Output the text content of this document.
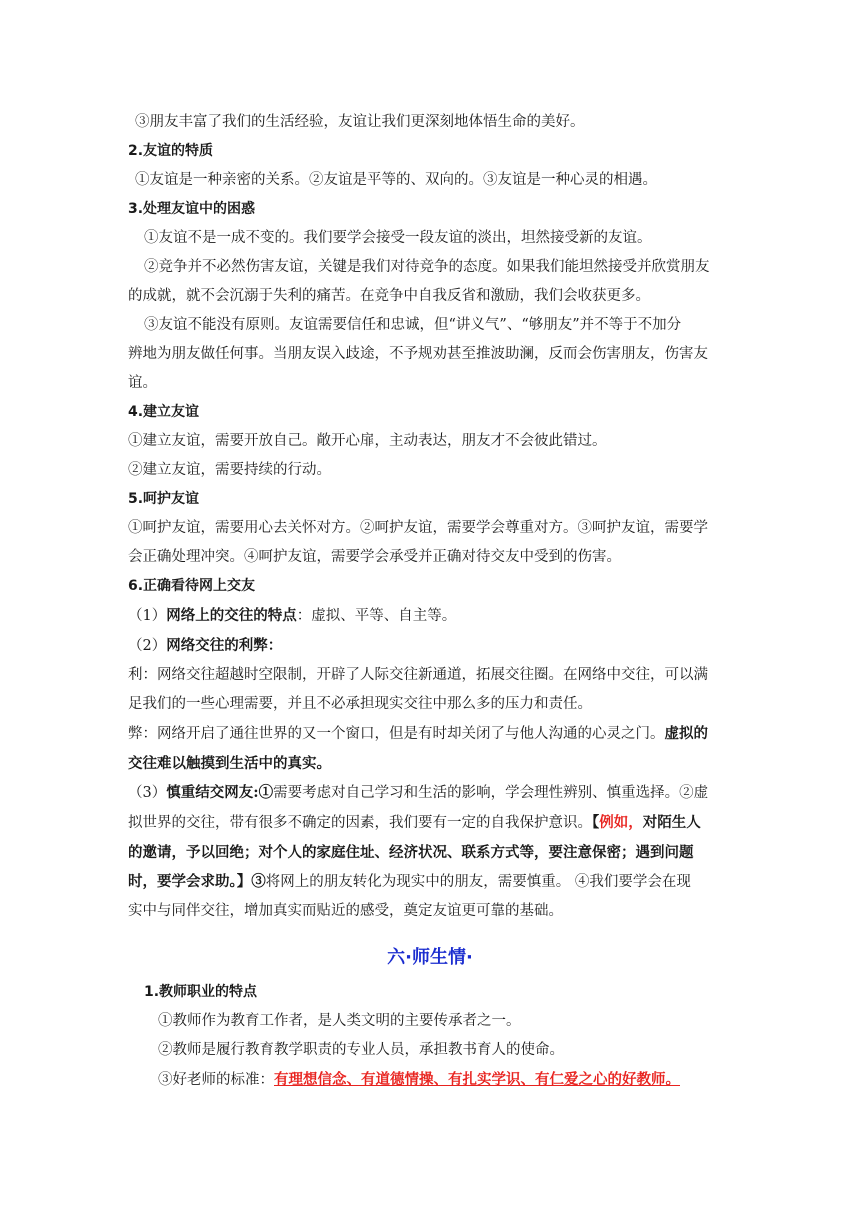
③朋友丰富了我们的生活经验，友谊让我们更深刻地体悟生命的美好。

2.友谊的特质

①友谊是一种亲密的关系。②友谊是平等的、双向的。③友谊是一种心灵的相遇。

3.处理友谊中的困惑

①友谊不是一成不变的。我们要学会接受一段友谊的淡出，坦然接受新的友谊。

②竞争并不必然伤害友谊，关键是我们对待竞争的态度。如果我们能坦然接受并欣赏朋友

的成就，就不会沉溺于失利的痛苦。在竞争中自我反省和激励，我们会收获更多。

③友谊不能没有原则。友谊需要信任和忠诚，但“讲义气”、“够朋友”并不等于不加分

辨地为朋友做任何事。当朋友误入歧途，不予规劝甚至推波助澜，反而会伤害朋友，伤害友

谊。

4.建立友谊

①建立友谊，需要开放自己。敞开心扉，主动表达，朋友才不会彼此错过。

②建立友谊，需要持续的行动。

5.呵护友谊

①呵护友谊，需要用心去关怀对方。②呵护友谊，需要学会尊重对方。③呵护友谊，需要学

会正确处理冲突。④呵护友谊，需要学会承受并正确对待交友中受到的伤害。

6.正确看待网上交友

（1）网络上的交往的特点：虚拟、平等、自主等。

（2）网络交往的利弊：

利：网络交往超越时空限制，开辟了人际交往新通道，拓展交往圈。在网络中交往，可以满

足我们的一些心理需要，并且不必承担现实交往中那么多的压力和责任。

弊：网络开启了通往世界的又一个窗口，但是有时却关闭了与他人沟通的心灵之门。虚拟的

交往难以触摸到生活中的真实。

（3）慎重结交网友:①需要考虑对自己学习和生活的影响，学会理性辨别、慎重选择。②虚

拟世界的交往，带有很多不确定的因素，我们要有一定的自我保护意识。【例如，对陌生人

的邀请，予以回绝；对个人的家庭住址、经济状况、联系方式等，要注意保密；遇到问题

时，要学会求助。】③将网上的朋友转化为现实中的朋友，需要慎重。 ④我们要学会在现

实中与同伴交往，增加真实而贴近的感受，奠定友谊更可靠的基础。

六·师生情·

1.教师职业的特点

①教师作为教育工作者，是人类文明的主要传承者之一。

②教师是履行教育教学职责的专业人员，承担教书育人的使命。

③好老师的标准：有理想信念、有道德情操、有扎实学识、有仁爱之心的好教师。
